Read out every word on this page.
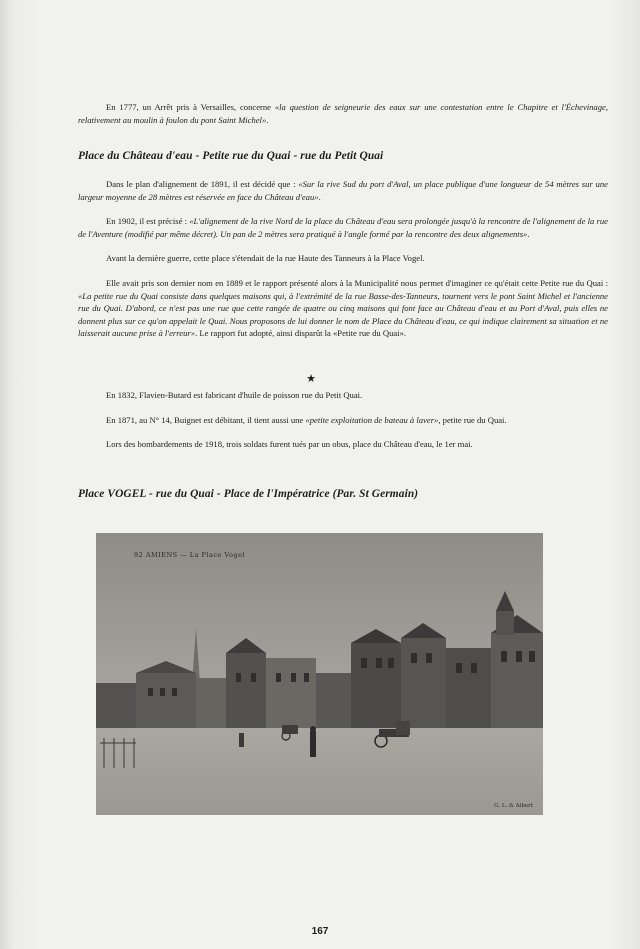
En 1777, un Arrêt pris à Versailles, concerne «la question de seigneurie des eaux sur une contestation entre le Chapitre et l'Échevinage, relativement au moulin à foulon du pont Saint Michel».

Place du Château d'eau - Petite rue du Quai - rue du Petit Quai

Dans le plan d'alignement de 1891, il est décidé que : «Sur la rive Sud du port d'Aval, un place publique d'une longueur de 54 mètres sur une largeur moyenne de 28 mètres est réservée en face du Château d'eau».

En 1902, il est précisé : «L'alignement de la rive Nord de la place du Château d'eau sera prolongée jusqu'à la rencontre de l'alignement de la rue de l'Aventure (modifié par même décret). Un pan de 2 mètres sera pratiqué à l'angle formé par la rencontre des deux alignements».

Avant la dernière guerre, cette place s'étendait de la rue Haute des Tanneurs à la Place Vogel.

Elle avait pris son dernier nom en 1889 et le rapport présenté alors à la Municipalité nous permet d'imaginer ce qu'était cette Petite rue du Quai : «La petite rue du Quai consiste dans quelques maisons qui, à l'extrémité de la rue Basse-des-Tanneurs, tournent vers le pont Saint Michel et l'ancienne rue du Quai. D'abord, ce n'est pas une rue que cette rangée de quatre ou cinq maisons qui font face au Château d'eau et au Port d'Aval, puis elles ne donnent plus sur ce qu'on appelait le Quai. Nous proposons de lui donner le nom de Place du Château d'eau, ce qui indique clairement sa situation et ne laisserait aucune prise à l'erreur». Le rapport fut adopté, ainsi disparût la «Petite rue du Quai».

★

En 1832, Flavien-Butard est fabricant d'huile de poisson rue du Petit Quai.

En 1871, au N° 14, Buignet est débitant, il tient aussi une «petite exploitation de bateau à laver», petite rue du Quai.

Lors des bombardements de 1918, trois soldats furent tués par un obus, place du Château d'eau, le 1er mai.

Place VOGEL - rue du Quai - Place de l'Impératrice (Par. St Germain)
92 AMIENS — La Place Vogel
G. L. & Albert
167
